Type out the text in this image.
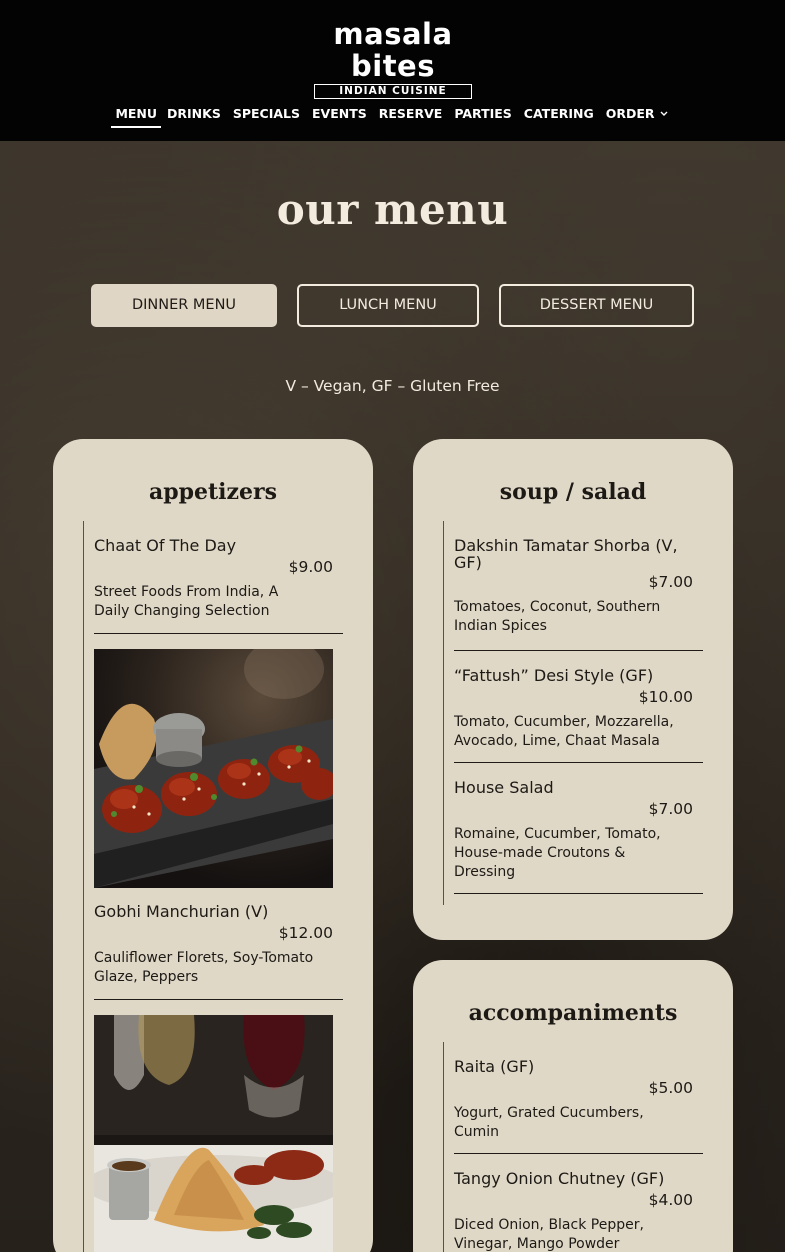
masala bites
INDIAN CUISINE
MENU DRINKS SPECIALS EVENTS RESERVE PARTIES CATERING ORDER
our menu
DINNER MENU	LUNCH MENU	DESSERT MENU

V – Vegan, GF – Gluten Free

appetizers
Chaat Of The Day
$9.00
Street Foods From India, A Daily Changing Selection
Gobhi Manchurian (V)
$12.00
Cauliflower Florets, Soy-Tomato Glaze, Peppers
soup / salad
Dakshin Tamatar Shorba (V, GF)
$7.00
Tomatoes, Coconut, Southern Indian Spices
“Fattush” Desi Style (GF)
$10.00
Tomato, Cucumber, Mozzarella, Avocado, Lime, Chaat Masala
House Salad
$7.00
Romaine, Cucumber, Tomato, House-made Croutons & Dressing
accompaniments
Raita (GF)
$5.00
Yogurt, Grated Cucumbers, Cumin
Tangy Onion Chutney (GF)
$4.00
Diced Onion, Black Pepper, Vinegar, Mango Powder
